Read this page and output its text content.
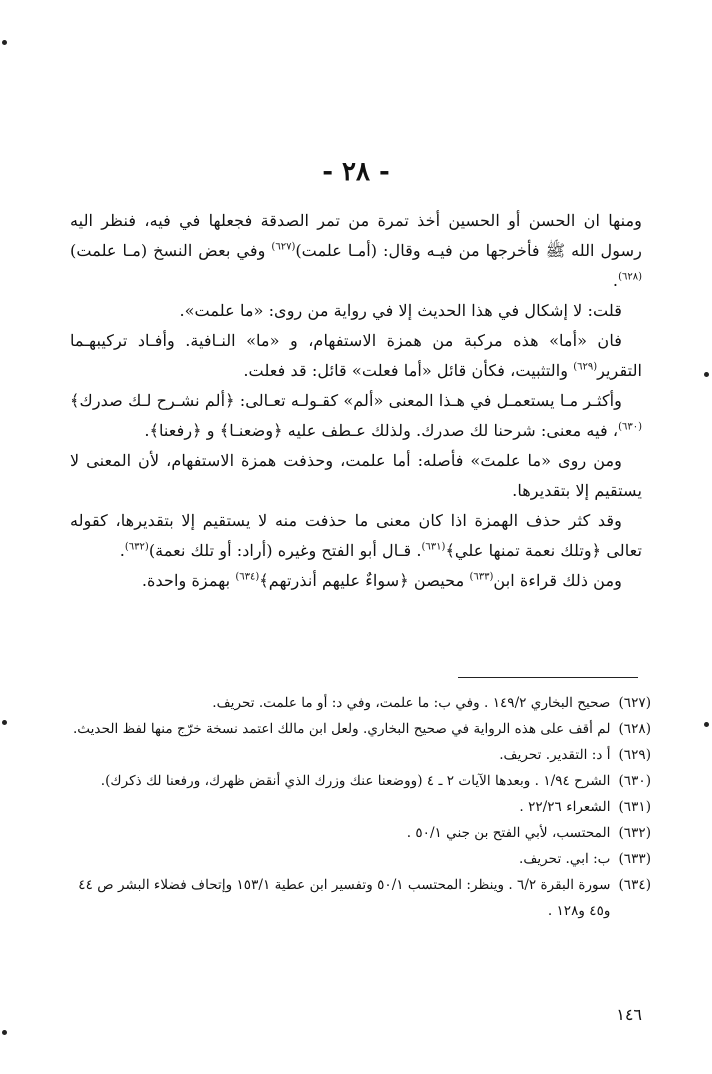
- ٢٨ -

ومنها ان الحسن أو الحسين أخذ تمرة من تمر الصدقة فجعلها في فيه، فنظر اليه رسول الله ﷺ فأخرجها من فيـه وقال: (أمـا علمت)$^{(٦٢٧)}$ وفي بعض النسخ (مـا علمت)$^{(٦٢٨)}$.

قلت: لا إشكال في هذا الحديث إلا في رواية من روى: «ما علمت».

فان «أما» هذه مركبة من همزة الاستفهام، و «ما» النـافية. وأفـاد تركيبهـما التقرير$^{(٦٢٩)}$ والتثبيت، فكأن قائل «أما فعلت» قائل: قد فعلت.

وأكثـر مـا يستعمـل في هـذا المعنى «ألم» كقـولـه تعـالى: ﴿ألم نشـرح لـك صدرك﴾$^{(٦٣٠)}$، فيه معنى: شرحنا لك صدرك. ولذلك عـطف عليه ﴿وضعنـا﴾ و ﴿رفعنا﴾.

ومن روى «ما علمتَ» فأصله: أما علمت، وحذفت همزة الاستفهام، لأن المعنى لا يستقيم إلا بتقديرها.

وقد كثر حذف الهمزة اذا كان معنى ما حذفت منه لا يستقيم إلا بتقديرها، كقوله تعالى ﴿وتلك نعمة تمنها علي﴾$^{(٦٣١)}$. قـال أبو الفتح وغيره (أراد: أو تلك نعمة)$^{(٦٣٢)}$.

ومن ذلك قراءة ابن$^{(٦٣٣)}$ محيصن ﴿سواءٌ عليهم أنذرتهم﴾$^{(٦٣٤)}$ بهمزة واحدة.

(٦٢٧)
صحيح البخاري ١٤٩/٢ . وفي ب: ما علمت، وفي د: أو ما علمت. تحريف.
(٦٢٨)
لم أقف على هذه الرواية في صحيح البخاري. ولعل ابن مالك اعتمد نسخة خرّج منها لفظ الحديث.
(٦٢٩)
أ د: التقدير. تحريف.
(٦٣٠)
الشرح ١/٩٤ . وبعدها الآيات ٢ ـ ٤ (ووضعنا عنك وزرك الذي أنقض ظهرك، ورفعنا لك ذكرك).
(٦٣١)
الشعراء ٢٢/٢٦ .
(٦٣٢)
المحتسب، لأبي الفتح بن جني ٥٠/١ .
(٦٣٣)
ب: ابي. تحريف.
(٦٣٤)
سورة البقرة ٦/٢ . وينظر: المحتسب ٥٠/١ وتفسير ابن عطية ١٥٣/١ وإتحاف فضلاء البشر ص ٤٤ و٤٥ و١٢٨ .
١٤٦
